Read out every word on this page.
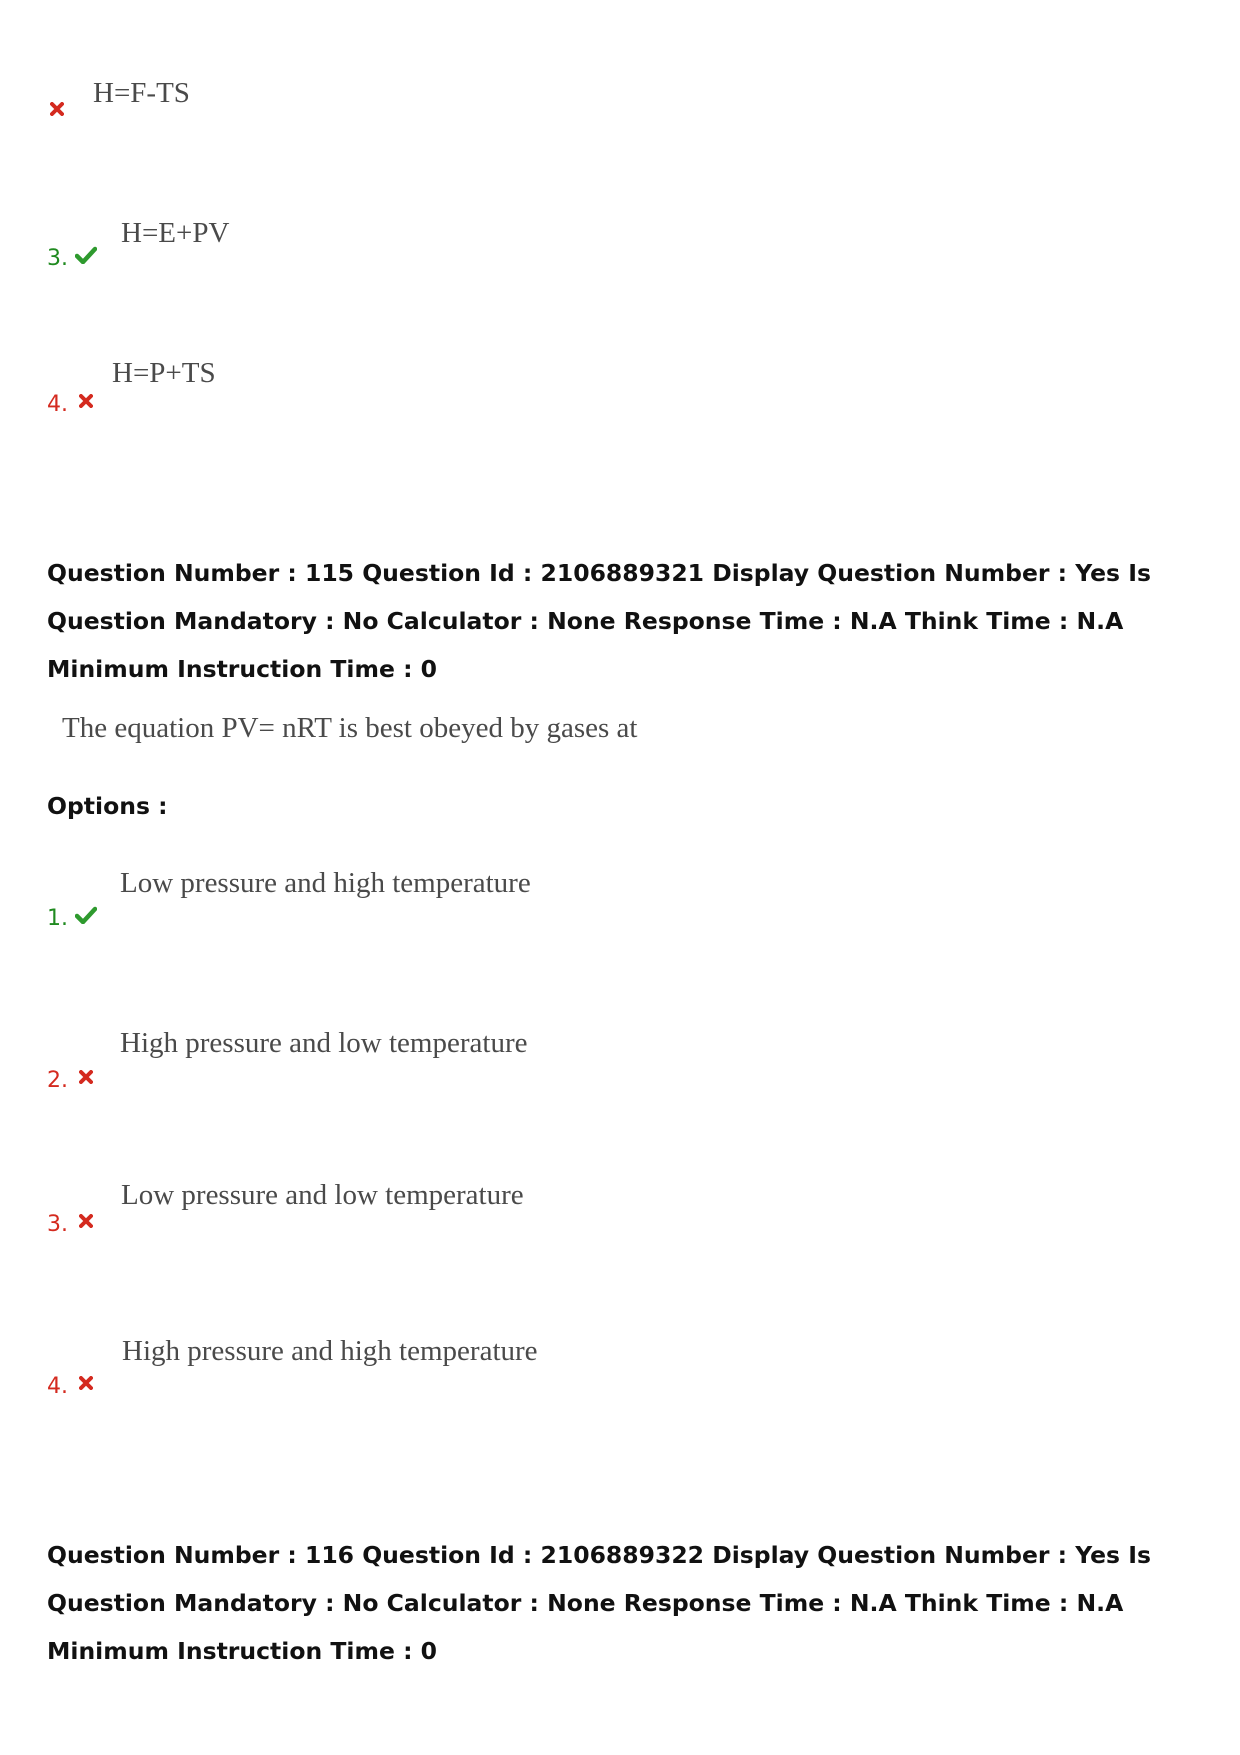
H=F-TS
3.
H=E+PV
4.
H=P+TS

Question Number : 115 Question Id : 2106889321 Display Question Number : Yes Is Question Mandatory : No Calculator : None Response Time : N.A Think Time : N.A Minimum Instruction Time : 0

The equation PV= nRT is best obeyed by gases at
Options :
1.
Low pressure and high temperature
2.
High pressure and low temperature
3.
Low pressure and low temperature
4.
High pressure and high temperature

Question Number : 116 Question Id : 2106889322 Display Question Number : Yes Is Question Mandatory : No Calculator : None Response Time : N.A Think Time : N.A Minimum Instruction Time : 0
